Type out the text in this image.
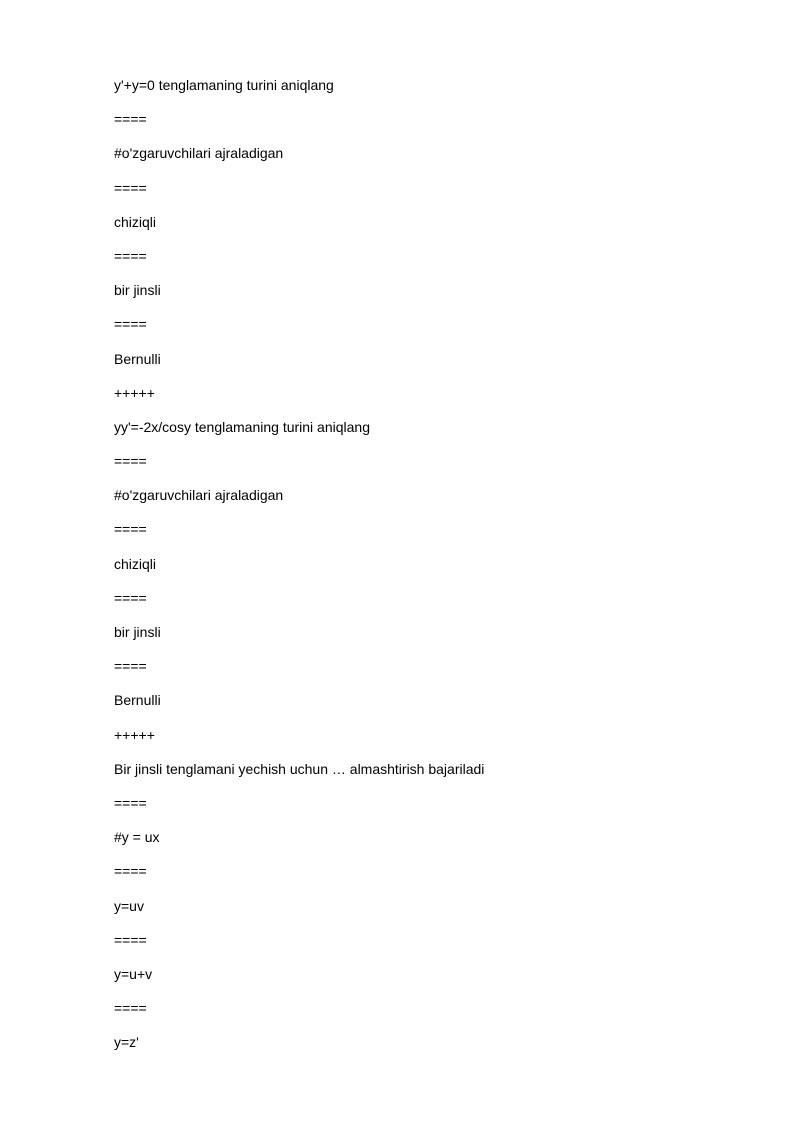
y'+y=0 tenglamaning turini aniqlang
====
#o'zgaruvchilari ajraladigan
====
chiziqli
====
bir jinsli
====
Bernulli
+++++
yy'=-2x/cosy tenglamaning turini aniqlang
====
#o'zgaruvchilari ajraladigan
====
chiziqli
====
bir jinsli
====
Bernulli
+++++
Bir jinsli tenglamani yechish uchun … almashtirish bajariladi
====
#y = ux
====
y=uv
====
y=u+v
====
y=z'
